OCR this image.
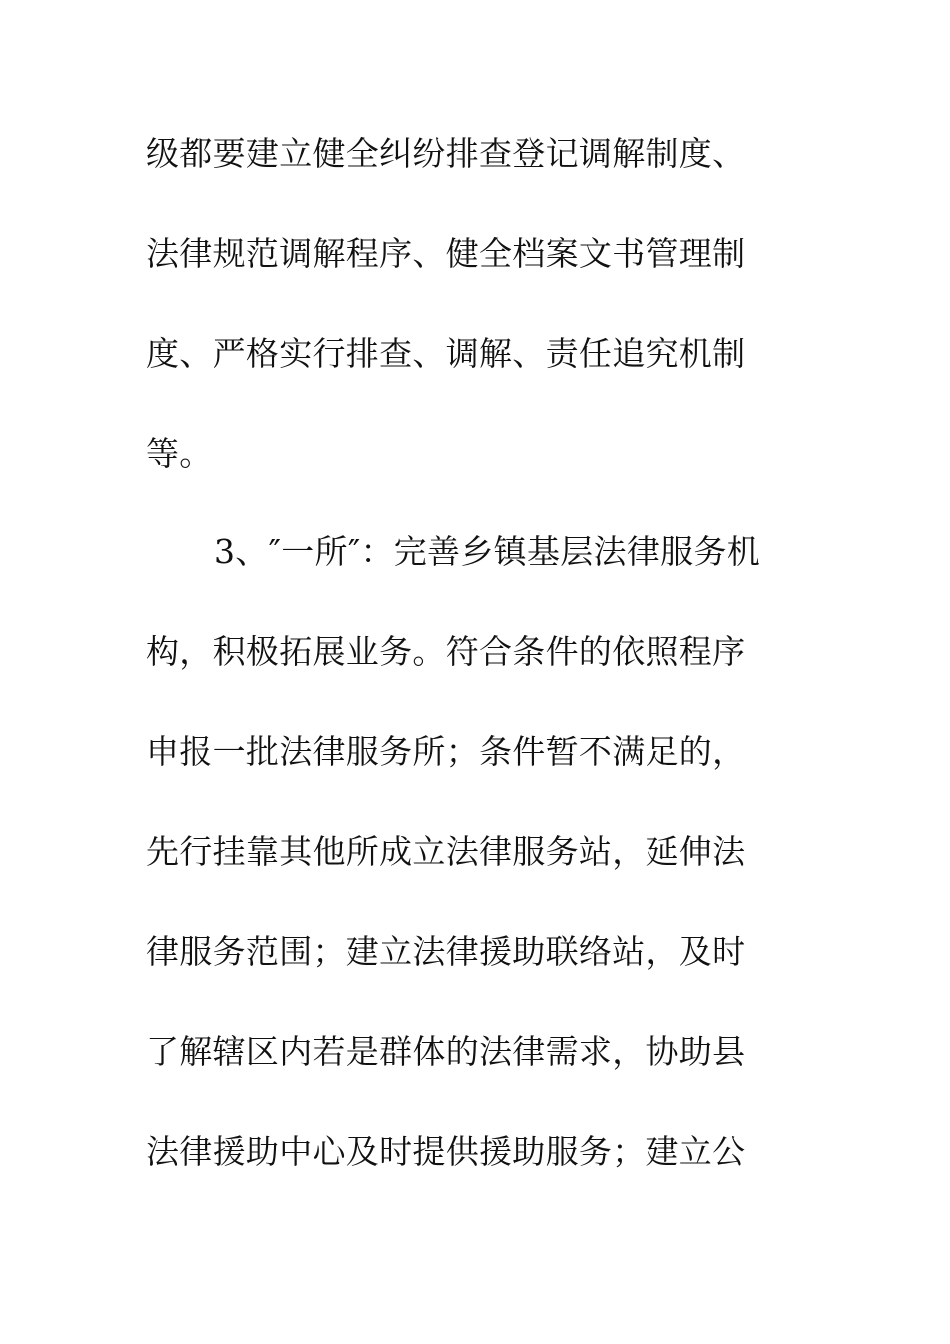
级都要建立健全纠纷排查登记调解制度、
法律规范调解程序、健全档案文书管理制
度、严格实行排查、调解、责任追究机制
等。
3、″一所″：完善乡镇基层法律服务机
构，积极拓展业务。符合条件的依照程序
申报一批法律服务所；条件暂不满足的，
先行挂靠其他所成立法律服务站，延伸法
律服务范围；建立法律援助联络站，及时
了解辖区内若是群体的法律需求，协助县
法律援助中心及时提供援助服务；建立公
